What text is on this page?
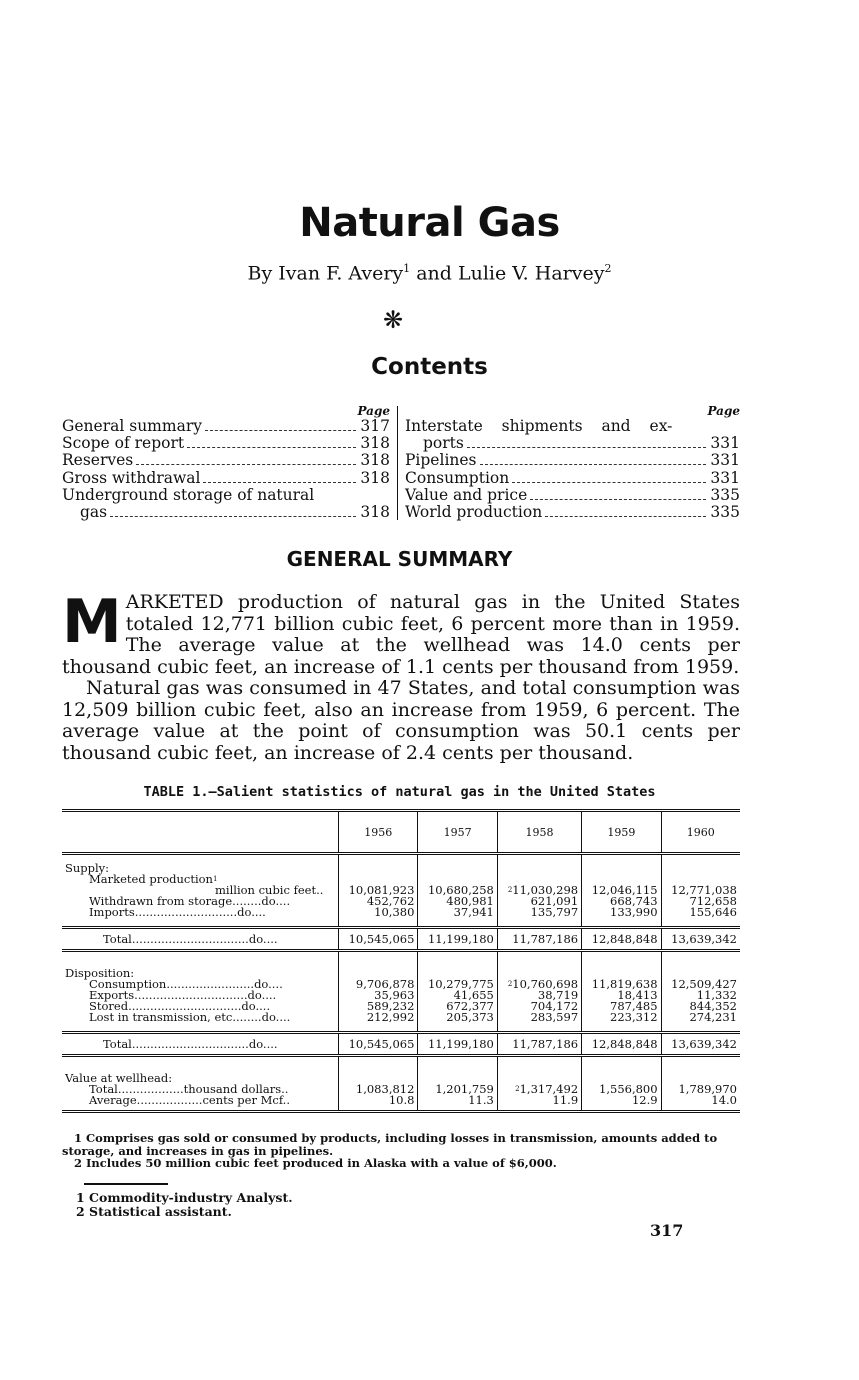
Natural Gas
By Ivan F. Avery$^1$ and Lulie V. Harvey$^2$
❋
Contents
Page
General summary	317
Scope of report	318
Reserves	318
Gross withdrawal	318
Underground storage of natural
gas	318
Page
Interstate shipments and ex-
ports	331
Pipelines	331
Consumption	331
Value and price	335
World production	335
GENERAL SUMMARY

MARKETED production of natural gas in the United States totaled 12,771 billion cubic feet, 6 percent more than in 1959. The average value at the wellhead was 14.0 cents per thousand cubic feet, an increase of 1.1 cents per thousand from 1959.

Natural gas was consumed in 47 States, and total consumption was 12,509 billion cubic feet, also an increase from 1959, 6 percent. The average value at the point of consumption was 50.1 cents per thousand cubic feet, an increase of 2.4 cents per thousand.

TABLE 1.—Salient statistics of natural gas in the United States
	1956	1957	1958	1959	1960

Supply:					
Marketed production$^1$					
million cubic feet..	10,081,923	10,680,258	$^2$11,030,298	12,046,115	12,771,038
Withdrawn from storage........do....	452,762	480,981	621,091	668,743	712,658
Imports............................do....	10,380	37,941	135,797	133,990	155,646

Total................................do....	10,545,065	11,199,180	11,787,186	12,848,848	13,639,342

Disposition:					
Consumption........................do....	9,706,878	10,279,775	$^2$10,760,698	11,819,638	12,509,427
Exports...............................do....	35,963	41,655	38,719	18,413	11,332
Stored...............................do....	589,232	672,377	704,172	787,485	844,352
Lost in transmission, etc........do....	212,992	205,373	283,597	223,312	274,231

Total................................do....	10,545,065	11,199,180	11,787,186	12,848,848	13,639,342

Value at wellhead:					
Total..................thousand dollars..	1,083,812	1,201,759	$^2$1,317,492	1,556,800	1,789,970
Average..................cents per Mcf..	10.8	11.3	11.9	12.9	14.0

1 Comprises gas sold or consumed by products, including losses in transmission, amounts added to storage, and increases in gas in pipelines.

2 Includes 50 million cubic feet produced in Alaska with a value of $6,000.

1 Commodity-industry Analyst.

2 Statistical assistant.

317
